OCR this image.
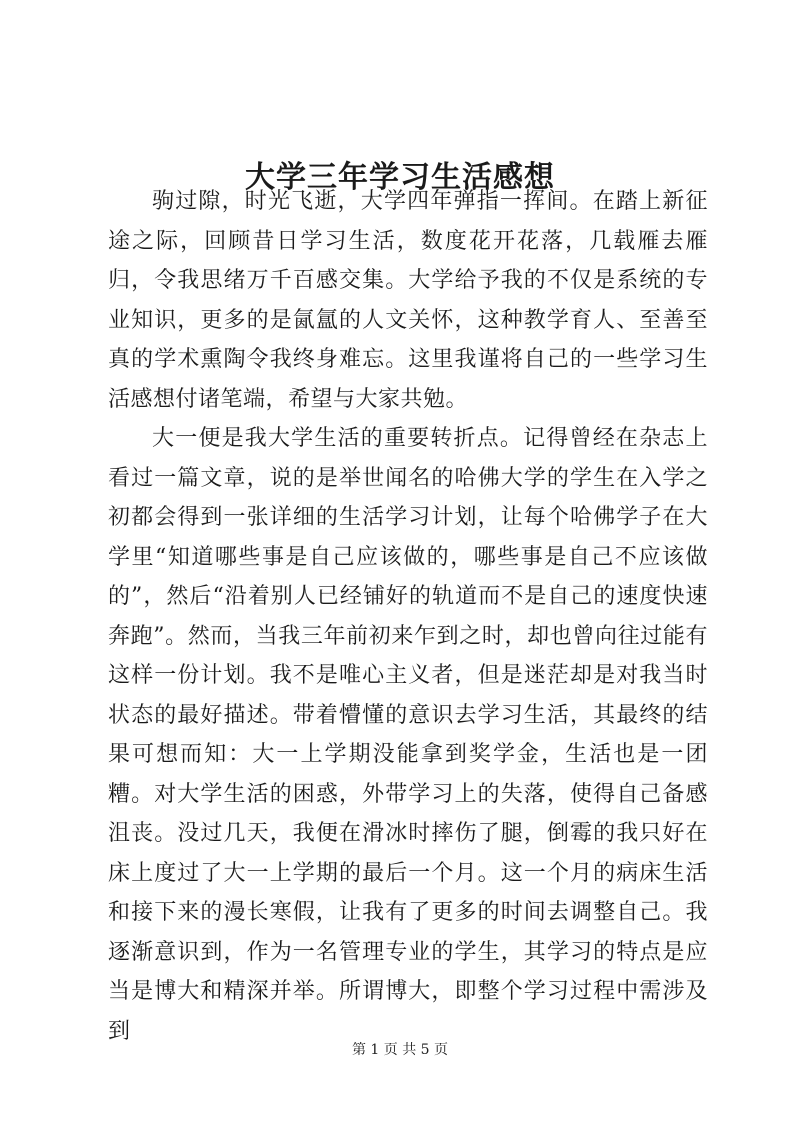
大学三年学习生活感想

驹过隙，时光飞逝，大学四年弹指一挥间。在踏上新征途之际，回顾昔日学习生活，数度花开花落，几载雁去雁归，令我思绪万千百感交集。大学给予我的不仅是系统的专业知识，更多的是氤氲的人文关怀，这种教学育人、至善至真的学术熏陶令我终身难忘。这里我谨将自己的一些学习生活感想付诸笔端，希望与大家共勉。

大一便是我大学生活的重要转折点。记得曾经在杂志上看过一篇文章，说的是举世闻名的哈佛大学的学生在入学之初都会得到一张详细的生活学习计划，让每个哈佛学子在大学里“知道哪些事是自己应该做的，哪些事是自己不应该做的”，然后“沿着别人已经铺好的轨道而不是自己的速度快速奔跑”。然而，当我三年前初来乍到之时，却也曾向往过能有这样一份计划。我不是唯心主义者，但是迷茫却是对我当时状态的最好描述。带着懵懂的意识去学习生活，其最终的结果可想而知：大一上学期没能拿到奖学金，生活也是一团糟。对大学生活的困惑，外带学习上的失落，使得自己备感沮丧。没过几天，我便在滑冰时摔伤了腿，倒霉的我只好在床上度过了大一上学期的最后一个月。这一个月的病床生活和接下来的漫长寒假，让我有了更多的时间去调整自己。我逐渐意识到，作为一名管理专业的学生，其学习的特点是应当是博大和精深并举。所谓博大，即整个学习过程中需涉及到

第 1 页 共 5 页
